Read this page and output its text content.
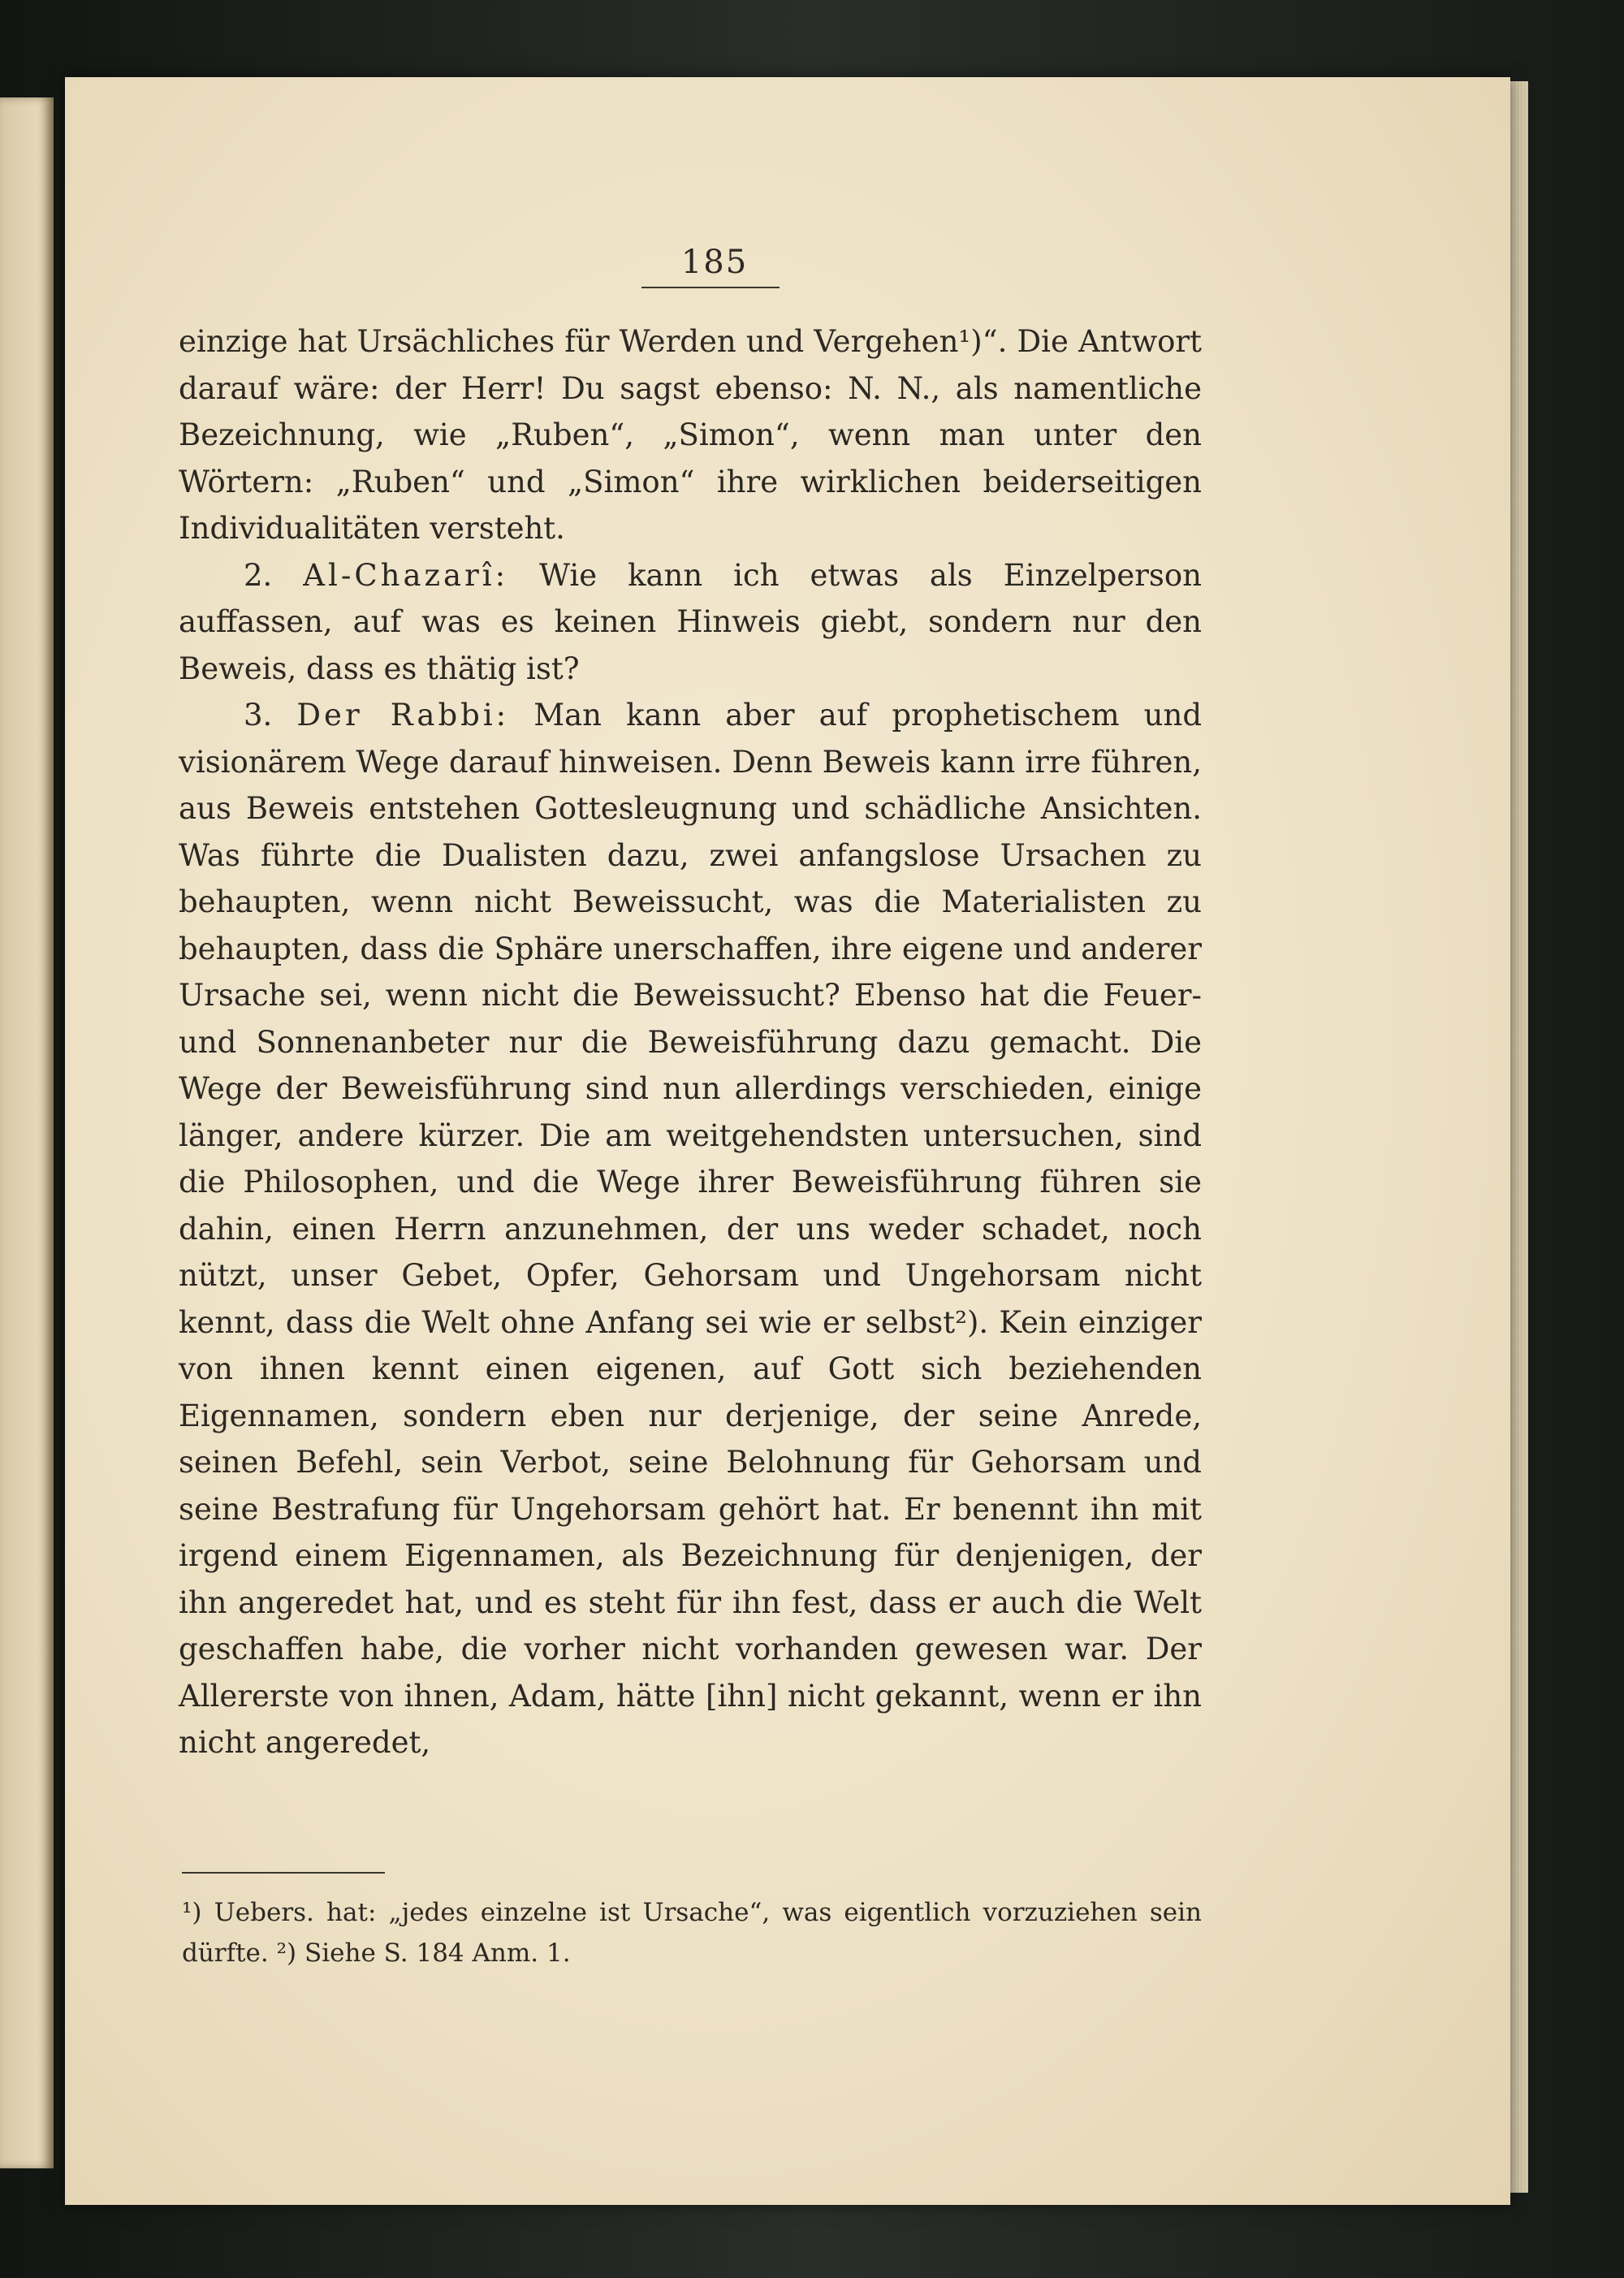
185

einzige hat Ursächliches für Werden und Vergehen¹)“. Die Antwort darauf wäre: der Herr! Du sagst ebenso: N. N., als namentliche Bezeichnung, wie „Ruben“, „Simon“, wenn man unter den Wörtern: „Ruben“ und „Simon“ ihre wirklichen beiderseitigen Individualitäten versteht.

2. Al-Chazarî: Wie kann ich etwas als Einzelperson auffassen, auf was es keinen Hinweis giebt, sondern nur den Beweis, dass es thätig ist?

3. Der Rabbi: Man kann aber auf prophetischem und visionärem Wege darauf hinweisen. Denn Beweis kann irre führen, aus Beweis entstehen Gottesleugnung und schädliche Ansichten. Was führte die Dualisten dazu, zwei anfangslose Ursachen zu behaupten, wenn nicht Beweissucht, was die Materialisten zu behaupten, dass die Sphäre unerschaffen, ihre eigene und anderer Ursache sei, wenn nicht die Beweissucht? Ebenso hat die Feuer- und Sonnenanbeter nur die Beweisführung dazu gemacht. Die Wege der Beweisführung sind nun allerdings verschieden, einige länger, andere kürzer. Die am weitgehendsten untersuchen, sind die Philosophen, und die Wege ihrer Beweisführung führen sie dahin, einen Herrn anzunehmen, der uns weder schadet, noch nützt, unser Gebet, Opfer, Gehorsam und Ungehorsam nicht kennt, dass die Welt ohne Anfang sei wie er selbst²). Kein einziger von ihnen kennt einen eigenen, auf Gott sich beziehenden Eigennamen, sondern eben nur derjenige, der seine Anrede, seinen Befehl, sein Verbot, seine Belohnung für Gehorsam und seine Bestrafung für Ungehorsam gehört hat. Er benennt ihn mit irgend einem Eigennamen, als Bezeichnung für denjenigen, der ihn angeredet hat, und es steht für ihn fest, dass er auch die Welt geschaffen habe, die vorher nicht vorhanden gewesen war. Der Allererste von ihnen, Adam, hätte [ihn] nicht gekannt, wenn er ihn nicht angeredet,

¹) Uebers. hat: „jedes einzelne ist Ursache“, was eigentlich vorzuziehen sein dürfte. ²) Siehe S. 184 Anm. 1.
